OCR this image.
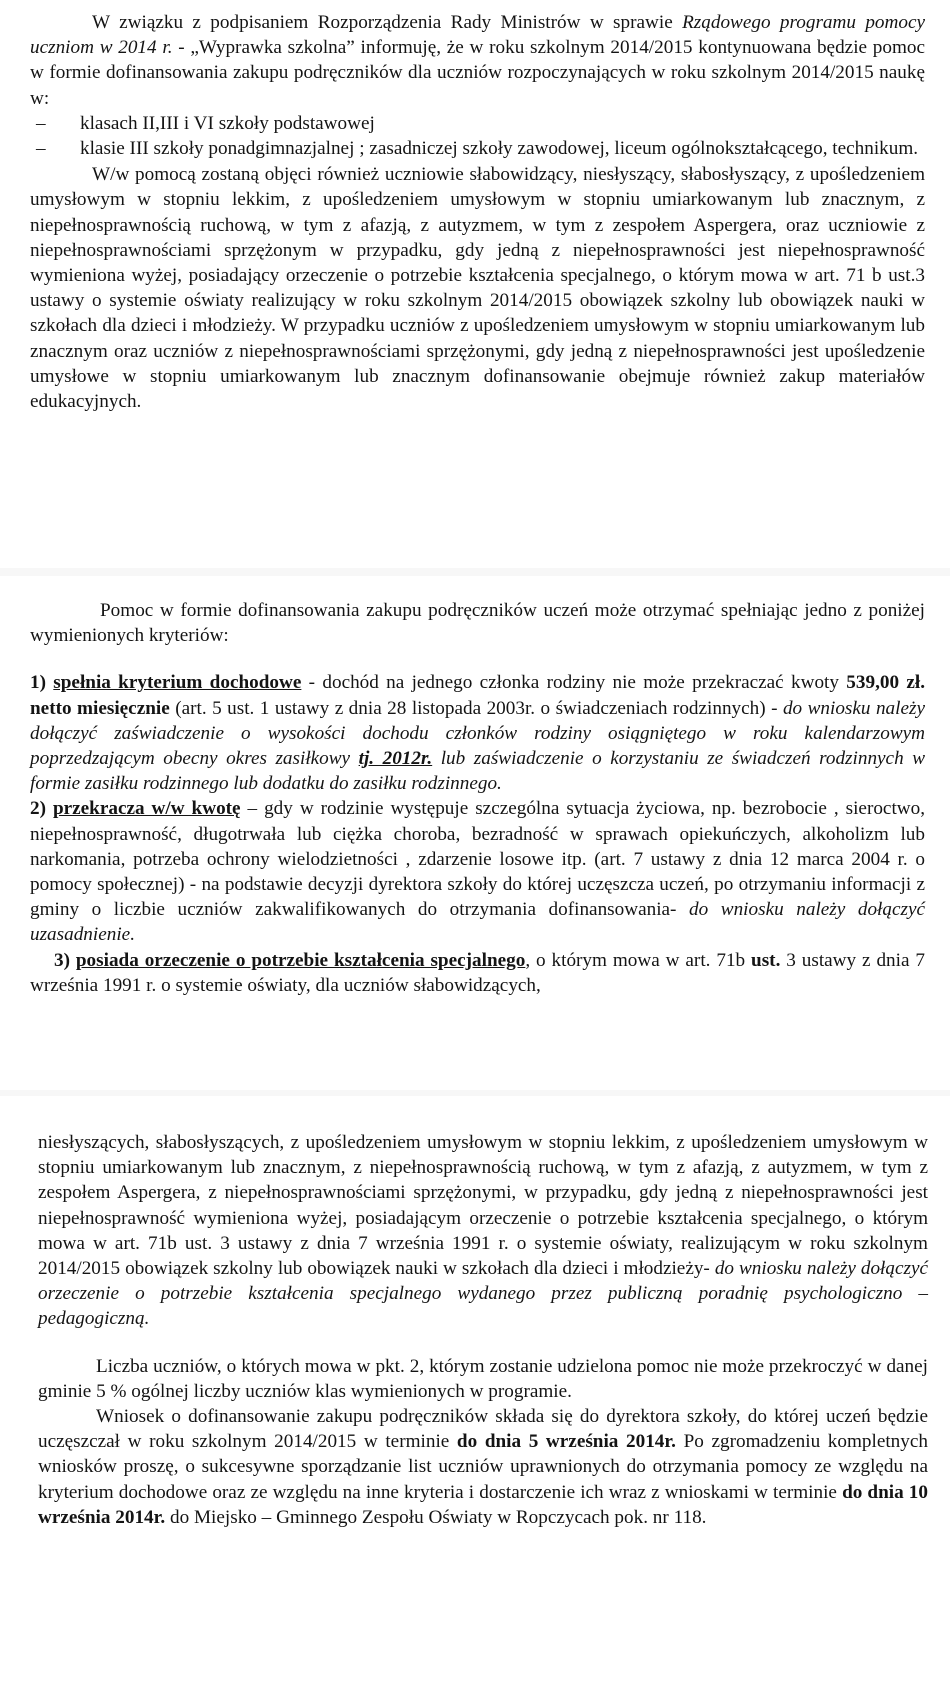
W związku z podpisaniem Rozporządzenia Rady Ministrów w sprawie Rządowego programu pomocy uczniom w 2014 r. - „Wyprawka szkolna” informuję, że w roku szkolnym 2014/2015 kontynuowana będzie pomoc w formie dofinansowania zakupu podręczników dla uczniów rozpoczynających w roku szkolnym 2014/2015 naukę w:

– klasach II,III i VI szkoły podstawowej
– klasie III szkoły ponadgimnazjalnej ; zasadniczej szkoły zawodowej, liceum ogólnokształcącego, technikum.

W/w pomocą zostaną objęci również uczniowie słabowidzący, niesłyszący, słabosłyszący, z upośledzeniem umysłowym w stopniu lekkim, z upośledzeniem umysłowym w stopniu umiarkowanym lub znacznym, z niepełnosprawnością ruchową, w tym z afazją, z autyzmem, w tym z zespołem Aspergera, oraz uczniowie z niepełnosprawnościami sprzężonym w przypadku, gdy jedną z niepełnosprawności jest niepełnosprawność wymieniona wyżej, posiadający orzeczenie o potrzebie kształcenia specjalnego, o którym mowa w art. 71 b ust.3 ustawy o systemie oświaty realizujący w roku szkolnym 2014/2015 obowiązek szkolny lub obowiązek nauki w szkołach dla dzieci i młodzieży. W przypadku uczniów z upośledzeniem umysłowym w stopniu umiarkowanym lub znacznym oraz uczniów z niepełnosprawnościami sprzężonymi, gdy jedną z niepełnosprawności jest upośledzenie umysłowe w stopniu umiarkowanym lub znacznym dofinansowanie obejmuje również zakup materiałów edukacyjnych.

Pomoc w formie dofinansowania zakupu podręczników uczeń może otrzymać spełniając jedno z poniżej wymienionych kryteriów:

1) spełnia kryterium dochodowe - dochód na jednego członka rodziny nie może przekraczać kwoty 539,00 zł. netto miesięcznie (art. 5 ust. 1 ustawy z dnia 28 listopada 2003r. o świadczeniach rodzinnych) - do wniosku należy dołączyć zaświadczenie o wysokości dochodu członków rodziny osiągniętego w roku kalendarzowym poprzedzającym obecny okres zasiłkowy tj. 2012r. lub zaświadczenie o korzystaniu ze świadczeń rodzinnych w formie zasiłku rodzinnego lub dodatku do zasiłku rodzinnego.

2) przekracza w/w kwotę – gdy w rodzinie występuje szczególna sytuacja życiowa, np. bezrobocie , sieroctwo, niepełnosprawność, długotrwała lub ciężka choroba, bezradność w sprawach opiekuńczych, alkoholizm lub narkomania, potrzeba ochrony wielodzietności , zdarzenie losowe itp. (art. 7 ustawy z dnia 12 marca 2004 r. o pomocy społecznej) - na podstawie decyzji dyrektora szkoły do której uczęszcza uczeń, po otrzymaniu informacji z gminy o liczbie uczniów zakwalifikowanych do otrzymania dofinansowania- do wniosku należy dołączyć uzasadnienie.

3) posiada orzeczenie o potrzebie kształcenia specjalnego, o którym mowa w art. 71b ust. 3 ustawy z dnia 7 września 1991 r. o systemie oświaty, dla uczniów słabowidzących,

niesłyszących, słabosłyszących, z upośledzeniem umysłowym w stopniu lekkim, z upośledzeniem umysłowym w stopniu umiarkowanym lub znacznym, z niepełnosprawnością ruchową, w tym z afazją, z autyzmem, w tym z zespołem Aspergera, z niepełnosprawnościami sprzężonymi, w przypadku, gdy jedną z niepełnosprawności jest niepełnosprawność wymieniona wyżej, posiadającym orzeczenie o potrzebie kształcenia specjalnego, o którym mowa w art. 71b ust. 3 ustawy z dnia 7 września 1991 r. o systemie oświaty, realizującym w roku szkolnym 2014/2015 obowiązek szkolny lub obowiązek nauki w szkołach dla dzieci i młodzieży- do wniosku należy dołączyć orzeczenie o potrzebie kształcenia specjalnego wydanego przez publiczną poradnię psychologiczno – pedagogiczną.

Liczba uczniów, o których mowa w pkt. 2, którym zostanie udzielona pomoc nie może przekroczyć w danej gminie 5 % ogólnej liczby uczniów klas wymienionych w programie.

Wniosek o dofinansowanie zakupu podręczników składa się do dyrektora szkoły, do której uczeń będzie uczęszczał w roku szkolnym 2014/2015 w terminie do dnia 5 września 2014r. Po zgromadzeniu kompletnych wniosków proszę, o sukcesywne sporządzanie list uczniów uprawnionych do otrzymania pomocy ze względu na kryterium dochodowe oraz ze względu na inne kryteria i dostarczenie ich wraz z wnioskami w terminie do dnia 10 września 2014r. do Miejsko – Gminnego Zespołu Oświaty w Ropczycach pok. nr 118.
